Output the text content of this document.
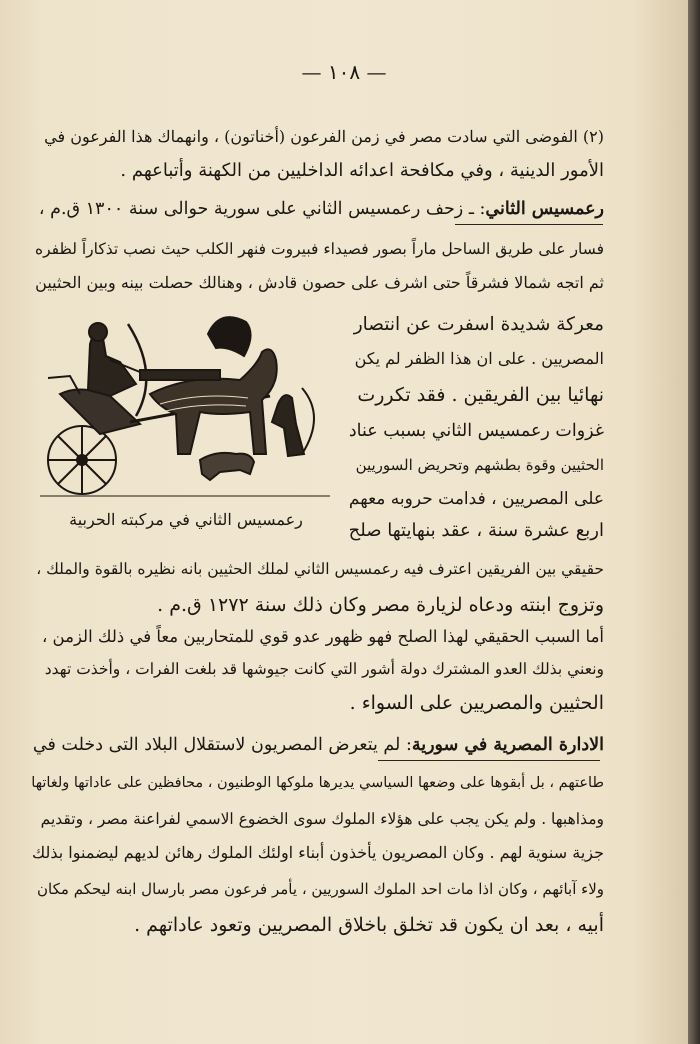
— ١٠٨ —
(٢) الفوضى التي سادت مصر في زمن الفرعون (أخناتون) ، وانهماك هذا الفرعون في
الأمور الدينية ، وفي مكافحة اعدائه الداخليين من الكهنة وأتباعهم .
رعمسيس الثاني: ـ زحف رعمسيس الثاني على سورية حوالى سنة ١٣٠٠ ق.م ،
فسار على طريق الساحل ماراً بصور فصيداء فبيروت فنهر الكلب حيث نصب تذكاراً لظفره
ثم اتجه شمالا فشرقاً حتى اشرف على حصون قادش ، وهنالك حصلت بينه وبين الحثيين
معركة شديدة اسفرت عن انتصار
المصريين . على ان هذا الظفر لم يكن
نهائيا بين الفريقين . فقد تكررت
غزوات رعمسيس الثاني بسبب عناد
الحثيين وقوة بطشهم وتحريض السوريين
على المصريين ، فدامت حروبه معهم
اربع عشرة سنة ، عقد بنهايتها صلح
رعمسيس الثاني في مركبته الحربية
حقيقي بين الفريقين اعترف فيه رعمسيس الثاني لملك الحثيين بانه نظيره بالقوة والملك ،
وتزوج ابنته ودعاه لزيارة مصر وكان ذلك سنة ١٢٧٢ ق.م .
أما السبب الحقيقي لهذا الصلح فهو ظهور عدو قوي للمتحاربين معاً في ذلك الزمن ،
ونعني بذلك العدو المشترك دولة أشور التي كانت جيوشها قد بلغت الفرات ، وأخذت تهدد
الحثيين والمصريين على السواء .
الادارة المصرية في سورية: لم يتعرض المصريون لاستقلال البلاد التى دخلت في
طاعتهم ، بل أبقوها على وضعها السياسي يديرها ملوكها الوطنيون ، محافظين على عاداتها ولغاتها
ومذاهبها . ولم يكن يجب على هؤلاء الملوك سوى الخضوع الاسمي لفراعنة مصر ، وتقديم
جزية سنوية لهم . وكان المصريون يأخذون أبناء اولئك الملوك رهائن لديهم ليضمنوا بذلك
ولاء آبائهم ، وكان اذا مات احد الملوك السوريين ، يأمر فرعون مصر بارسال ابنه ليحكم مكان
أبيه ، بعد ان يكون قد تخلق باخلاق المصريين وتعود عاداتهم .
